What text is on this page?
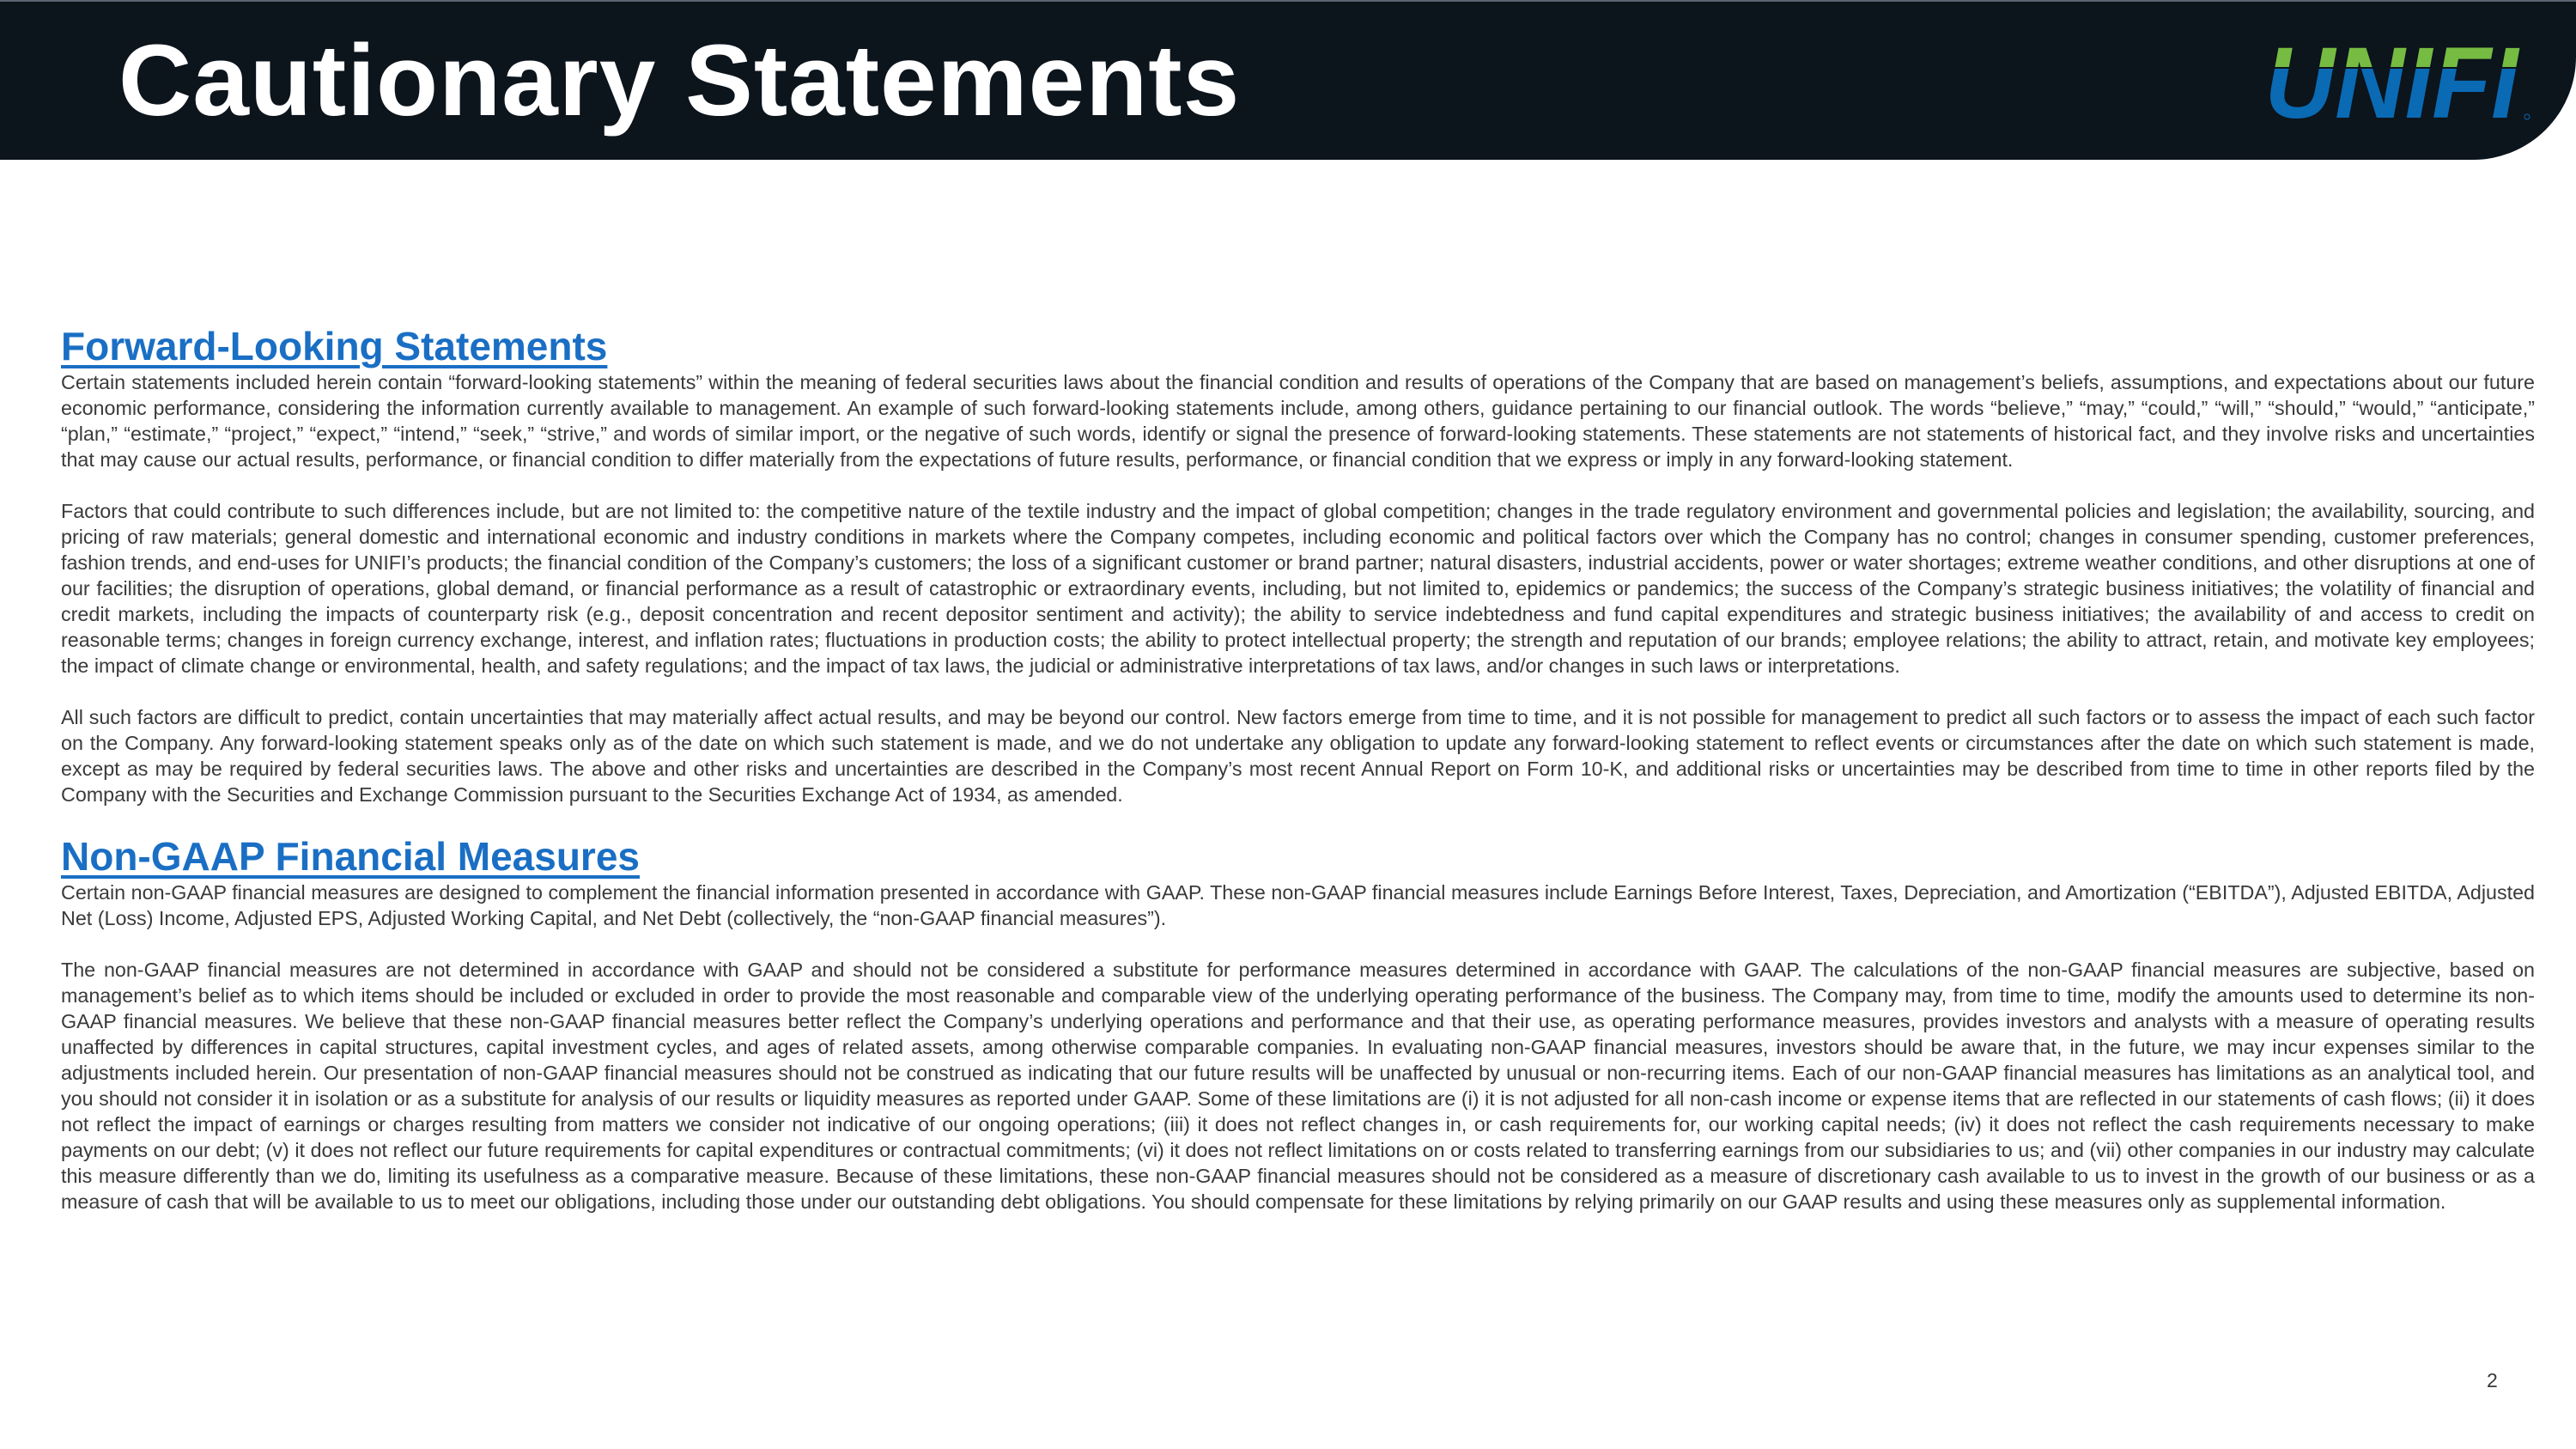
Cautionary Statements	UNIFI
Forward-Looking Statements

Certain statements included herein contain “forward-looking statements” within the meaning of federal securities laws about the financial condition and results of operations of the Company that are based on management’s beliefs, assumptions, and expectations about our future economic performance, considering the information currently available to management. An example of such forward-looking statements include, among others, guidance pertaining to our financial outlook. The words “believe,” “may,” “could,” “will,” “should,” “would,” “anticipate,” “plan,” “estimate,” “project,” “expect,” “intend,” “seek,” “strive,” and words of similar import, or the negative of such words, identify or signal the presence of forward-looking statements. These statements are not statements of historical fact, and they involve risks and uncertainties that may cause our actual results, performance, or financial condition to differ materially from the expectations of future results, performance, or financial condition that we express or imply in any forward-looking statement.

Factors that could contribute to such differences include, but are not limited to: the competitive nature of the textile industry and the impact of global competition; changes in the trade regulatory environment and governmental policies and legislation; the availability, sourcing, and pricing of raw materials; general domestic and international economic and industry conditions in markets where the Company competes, including economic and political factors over which the Company has no control; changes in consumer spending, customer preferences, fashion trends, and end-uses for UNIFI’s products; the financial condition of the Company’s customers; the loss of a significant customer or brand partner; natural disasters, industrial accidents, power or water shortages; extreme weather conditions, and other disruptions at one of our facilities; the disruption of operations, global demand, or financial performance as a result of catastrophic or extraordinary events, including, but not limited to, epidemics or pandemics; the success of the Company’s strategic business initiatives; the volatility of financial and credit markets, including the impacts of counterparty risk (e.g., deposit concentration and recent depositor sentiment and activity); the ability to service indebtedness and fund capital expenditures and strategic business initiatives; the availability of and access to credit on reasonable terms; changes in foreign currency exchange, interest, and inflation rates; fluctuations in production costs; the ability to protect intellectual property; the strength and reputation of our brands; employee relations; the ability to attract, retain, and motivate key employees; the impact of climate change or environmental, health, and safety regulations; and the impact of tax laws, the judicial or administrative interpretations of tax laws, and/or changes in such laws or interpretations.

All such factors are difficult to predict, contain uncertainties that may materially affect actual results, and may be beyond our control. New factors emerge from time to time, and it is not possible for management to predict all such factors or to assess the impact of each such factor on the Company. Any forward-looking statement speaks only as of the date on which such statement is made, and we do not undertake any obligation to update any forward-looking statement to reflect events or circumstances after the date on which such statement is made, except as may be required by federal securities laws. The above and other risks and uncertainties are described in the Company’s most recent Annual Report on Form 10-K, and additional risks or uncertainties may be described from time to time in other reports filed by the Company with the Securities and Exchange Commission pursuant to the Securities Exchange Act of 1934, as amended.

Non-GAAP Financial Measures

Certain non-GAAP financial measures are designed to complement the financial information presented in accordance with GAAP. These non-GAAP financial measures include Earnings Before Interest, Taxes, Depreciation, and Amortization (“EBITDA”), Adjusted EBITDA, Adjusted Net (Loss) Income, Adjusted EPS, Adjusted Working Capital, and Net Debt (collectively, the “non-GAAP financial measures”).

The non-GAAP financial measures are not determined in accordance with GAAP and should not be considered a substitute for performance measures determined in accordance with GAAP. The calculations of the non-GAAP financial measures are subjective, based on management’s belief as to which items should be included or excluded in order to provide the most reasonable and comparable view of the underlying operating performance of the business. The Company may, from time to time, modify the amounts used to determine its non-GAAP financial measures. We believe that these non-GAAP financial measures better reflect the Company’s underlying operations and performance and that their use, as operating performance measures, provides investors and analysts with a measure of operating results unaffected by differences in capital structures, capital investment cycles, and ages of related assets, among otherwise comparable companies. In evaluating non-GAAP financial measures, investors should be aware that, in the future, we may incur expenses similar to the adjustments included herein. Our presentation of non-GAAP financial measures should not be construed as indicating that our future results will be unaffected by unusual or non-recurring items. Each of our non-GAAP financial measures has limitations as an analytical tool, and you should not consider it in isolation or as a substitute for analysis of our results or liquidity measures as reported under GAAP. Some of these limitations are (i) it is not adjusted for all non-cash income or expense items that are reflected in our statements of cash flows; (ii) it does not reflect the impact of earnings or charges resulting from matters we consider not indicative of our ongoing operations; (iii) it does not reflect changes in, or cash requirements for, our working capital needs; (iv) it does not reflect the cash requirements necessary to make payments on our debt; (v) it does not reflect our future requirements for capital expenditures or contractual commitments; (vi) it does not reflect limitations on or costs related to transferring earnings from our subsidiaries to us; and (vii) other companies in our industry may calculate this measure differently than we do, limiting its usefulness as a comparative measure. Because of these limitations, these non-GAAP financial measures should not be considered as a measure of discretionary cash available to us to invest in the growth of our business or as a measure of cash that will be available to us to meet our obligations, including those under our outstanding debt obligations. You should compensate for these limitations by relying primarily on our GAAP results and using these measures only as supplemental information.

2
